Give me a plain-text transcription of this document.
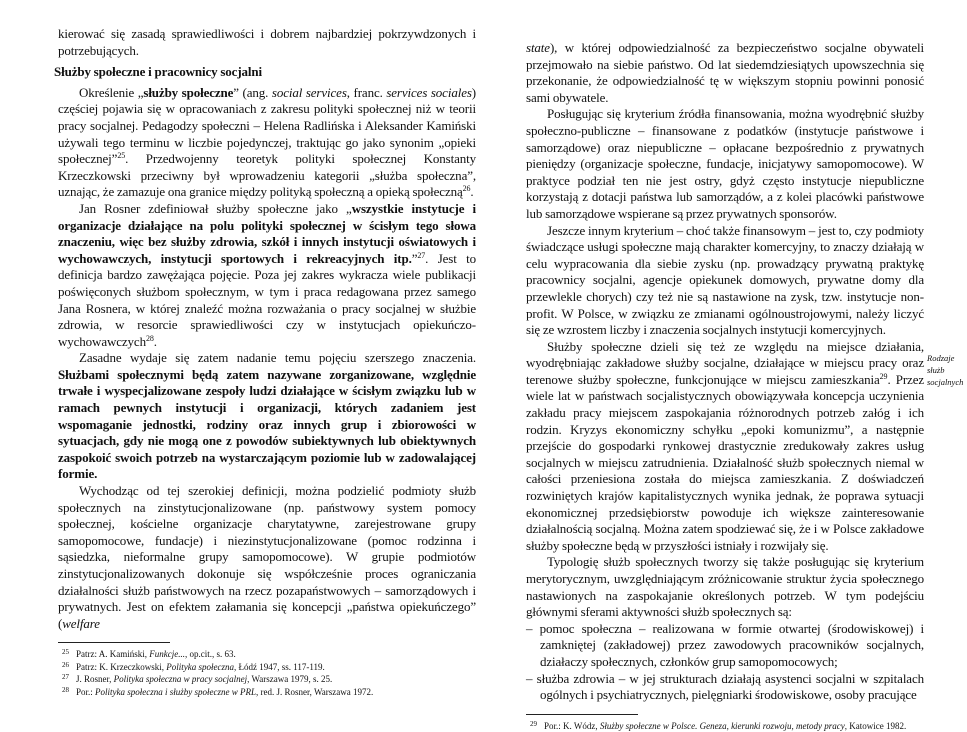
kierować się zasadą sprawiedliwości i dobrem najbardziej pokrzywdzonych i potrzebujących.

Służby społeczne i pracownicy socjalni

Określenie „służby społeczne” (ang. social services, franc. services sociales) częściej pojawia się w opracowaniach z zakresu polityki społecznej niż w teorii pracy socjalnej. Pedagodzy społeczni – Helena Radlińska i Aleksander Kamiński używali tego terminu w liczbie pojedynczej, traktując go jako synonim „opieki społecznej”$^{25}$. Przedwojenny teoretyk polityki społecznej Konstanty Krzeczkowski przeciwny był wprowadzeniu kategorii „służba społeczna”, uznając, że zamazuje ona granice między polityką społeczną a opieką społeczną$^{26}$.

Jan Rosner zdefiniował służby społeczne jako „wszystkie instytucje i organizacje działające na polu polityki społecznej w ścisłym tego słowa znaczeniu, więc bez służby zdrowia, szkół i innych instytucji oświatowych i wychowawczych, instytucji sportowych i rekreacyjnych itp.”$^{27}$. Jest to definicja bardzo zawężająca pojęcie. Poza jej zakres wykracza wiele publikacji poświęconych służbom społecznym, w tym i praca redagowana przez samego Jana Rosnera, w której znaleźć można rozważania o pracy socjalnej w służbie zdrowia, w resorcie sprawiedliwości czy w instytucjach opiekuńczo-wychowawczych$^{28}$.

Zasadne wydaje się zatem nadanie temu pojęciu szerszego znaczenia. Służbami społecznymi będą zatem nazywane zorganizowane, względnie trwałe i wyspecjalizowane zespoły ludzi działające w ścisłym związku lub w ramach pewnych instytucji i organizacji, których zadaniem jest wspomaganie jednostki, rodziny oraz innych grup i zbiorowości w sytuacjach, gdy nie mogą one z powodów subiektywnych lub obiektywnych zaspokoić swoich potrzeb na wystarczającym poziomie lub w zadowalającej formie.

Wychodząc od tej szerokiej definicji, można podzielić podmioty służb społecznych na zinstytucjonalizowane (np. państwowy system pomocy społecznej, kościelne organizacje charytatywne, zarejestrowane grupy samopomocowe, fundacje) i niezinstytucjonalizowane (pomoc rodzinna i sąsiedzka, nieformalne grupy samopomocowe). W grupie podmiotów zinstytucjonalizowanych dokonuje się współcześnie proces ograniczania działalności służb państwowych na rzecz pozapaństwowych – samorządowych i prywatnych. Jest on efektem załamania się koncepcji „państwa opiekuńczego” (welfare

$^{25}$ Patrz: A. Kamiński, Funkcje..., op.cit., s. 63.
$^{26}$ Patrz: K. Krzeczkowski, Polityka społeczna, Łódź 1947, ss. 117-119.
$^{27}$ J. Rosner, Polityka społeczna w pracy socjalnej, Warszawa 1979, s. 25.
$^{28}$ Por.: Polityka społeczna i służby społeczne w PRL, red. J. Rosner, Warszawa 1972.

state), w której odpowiedzialność za bezpieczeństwo socjalne obywateli przejmowało na siebie państwo. Od lat siedemdziesiątych upowszechnia się przekonanie, że odpowiedzialność tę w większym stopniu powinni ponosić sami obywatele.

Posługując się kryterium źródła finansowania, można wyodrębnić służby społeczno-publiczne – finansowane z podatków (instytucje państwowe i samorządowe) oraz niepubliczne – opłacane bezpośrednio z prywatnych pieniędzy (organizacje społeczne, fundacje, inicjatywy samopomocowe). W praktyce podział ten nie jest ostry, gdyż często instytucje niepubliczne korzystają z dotacji państwa lub samorządów, a z kolei placówki państwowe lub samorządowe wspierane są przez prywatnych sponsorów.

Jeszcze innym kryterium – choć także finansowym – jest to, czy podmioty świadczące usługi społeczne mają charakter komercyjny, to znaczy działają w celu wypracowania dla siebie zysku (np. prowadzący prywatną praktykę pracownicy socjalni, agencje opiekunek domowych, prywatne domy dla przewlekle chorych) czy też nie są nastawione na zysk, tzw. instytucje non-profit. W Polsce, w związku ze zmianami ogólnoustrojowymi, należy liczyć się ze wzrostem liczby i znaczenia socjalnych instytucji komercyjnych.

Służby społeczne dzieli się też ze względu na miejsce działania, wyodrębniając zakładowe służby socjalne, działające w miejscu pracy oraz terenowe służby społeczne, funkcjonujące w miejscu zamieszkania$^{29}$. Przez wiele lat w państwach socjalistycznych obowiązywała koncepcja uczynienia zakładu pracy miejscem zaspokajania różnorodnych potrzeb załóg i ich rodzin. Kryzys ekonomiczny schyłku „epoki komunizmu”, a następnie przejście do gospodarki rynkowej drastycznie zredukowały zakres usług socjalnych w miejscu zatrudnienia. Działalność służb społecznych niemal w całości przeniesiona została do miejsca zamieszkania. Z doświadczeń rozwiniętych krajów kapitalistycznych wynika jednak, że poprawa sytuacji ekonomicznej przedsiębiorstw powoduje ich większe zainteresowanie działalnością socjalną. Można zatem spodziewać się, że i w Polsce zakładowe służby społeczne będą w przyszłości istniały i rozwijały się.

Typologię służb społecznych tworzy się także posługując się kryterium merytorycznym, uwzględniającym zróżnicowanie struktur życia społecznego nastawionych na zaspokajanie określonych potrzeb. W tym podejściu głównymi sferami aktywności służb społecznych są:

– pomoc społeczna – realizowana w formie otwartej (środowiskowej) i zamkniętej (zakładowej) przez zawodowych pracowników socjalnych, działaczy społecznych, członków grup samopomocowych;

– służba zdrowia – w jej strukturach działają asystenci socjalni w szpitalach ogólnych i psychiatrycznych, pielęgniarki środowiskowe, osoby pracujące

$^{29}$ Por.: K. Wódz, Służby społeczne w Polsce. Geneza, kierunki rozwoju, metody pracy, Katowice 1982.
Rodzaje służb socjalnych
